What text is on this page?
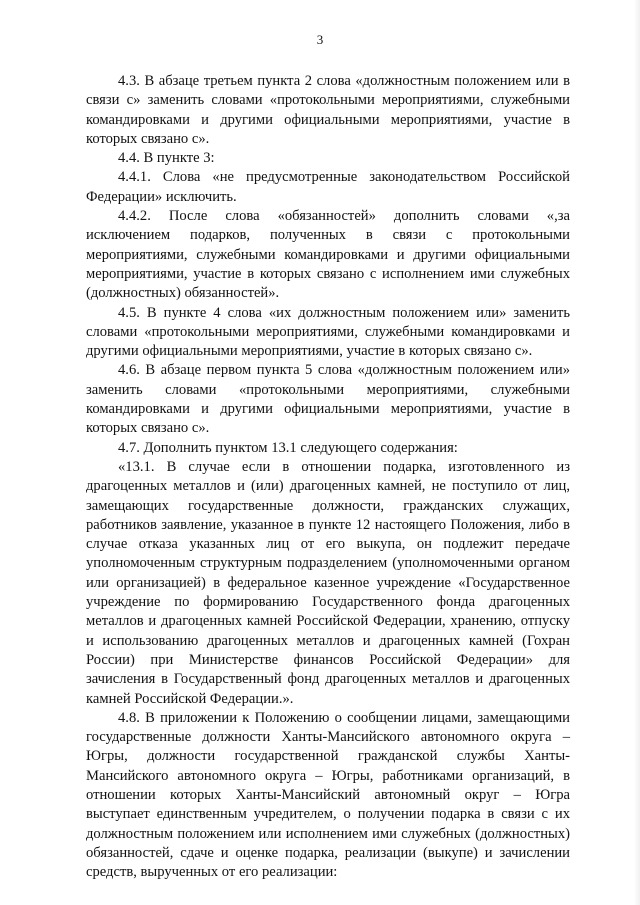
3

4.3. В абзаце третьем пункта 2 слова «должностным положением или в связи с» заменить словами «протокольными мероприятиями, служебными командировками и другими официальными мероприятиями, участие в которых связано с».

4.4. В пункте 3:

4.4.1. Слова «не предусмотренные законодательством Российской Федерации» исключить.

4.4.2. После слова «обязанностей» дополнить словами «,за исключением подарков, полученных в связи с протокольными мероприятиями, служебными командировками и другими официальными мероприятиями, участие в которых связано с исполнением ими служебных (должностных) обязанностей».

4.5. В пункте 4 слова «их должностным положением или» заменить словами «протокольными мероприятиями, служебными командировками и другими официальными мероприятиями, участие в которых связано с».

4.6. В абзаце первом пункта 5 слова «должностным положением или» заменить словами «протокольными мероприятиями, служебными командировками и другими официальными мероприятиями, участие в которых связано с».

4.7. Дополнить пунктом 13.1 следующего содержания:

«13.1. В случае если в отношении подарка, изготовленного из драгоценных металлов и (или) драгоценных камней, не поступило от лиц, замещающих государственные должности, гражданских служащих, работников заявление, указанное в пункте 12 настоящего Положения, либо в случае отказа указанных лиц от его выкупа, он подлежит передаче уполномоченным структурным подразделением (уполномоченными органом или организацией) в федеральное казенное учреждение «Государственное учреждение по формированию Государственного фонда драгоценных металлов и драгоценных камней Российской Федерации, хранению, отпуску и использованию драгоценных металлов и драгоценных камней (Гохран России) при Министерстве финансов Российской Федерации» для зачисления в Государственный фонд драгоценных металлов и драгоценных камней Российской Федерации.».

4.8. В приложении к Положению о сообщении лицами, замещающими государственные должности Ханты-Мансийского автономного округа – Югры, должности государственной гражданской службы Ханты-Мансийского автономного округа – Югры, работниками организаций, в отношении которых Ханты-Мансийский автономный округ – Югра выступает единственным учредителем, о получении подарка в связи с их должностным положением или исполнением ими служебных (должностных) обязанностей, сдаче и оценке подарка, реализации (выкупе) и зачислении средств, вырученных от его реализации:
